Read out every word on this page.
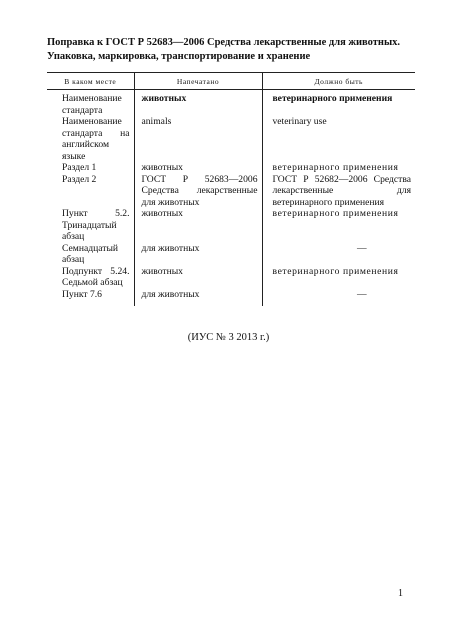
Поправка к ГОСТ Р 52683—2006 Средства лекарственные для животных. Упаковка, маркировка, транспортирование и хранение
В каком месте	Напечатано	Должно быть
Наименование стандарта	животных	ветеринарного применения
Наименование стандарта на английском языке	animals	veterinary use
Раздел 1	животных	ветеринарного применения
Раздел 2	ГОСТ Р 52683—2006 Средства лекарственные для животных	ГОСТ Р 52682—2006 Средства лекарственные для ветеринарного применения
Пункт 5.2. Тринадцатый абзац	животных	ветеринарного применения
Семнадцатый абзац	для животных	—

Подпункт 5.24. Седьмой абзац	животных	ветеринарного применения
Пункт 7.6	для животных	—

(ИУС № 3 2013 г.)

1
